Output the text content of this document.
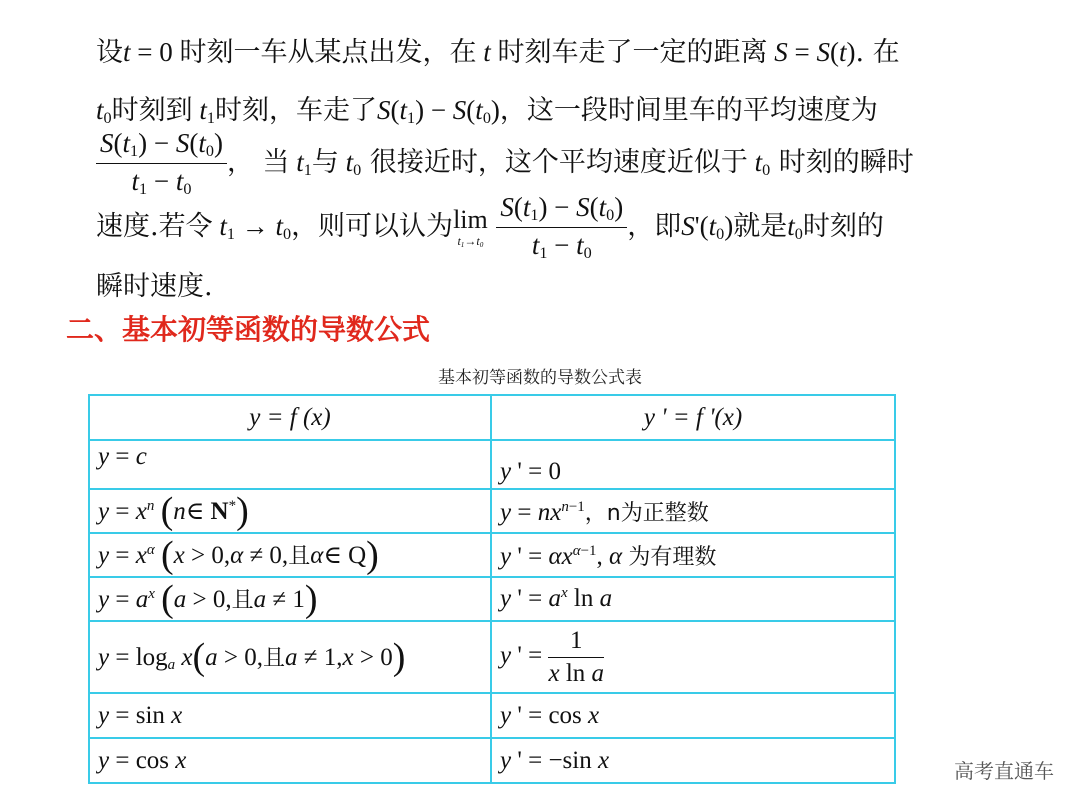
设t = 0 时刻一车从某点出发，在 t 时刻车走了一定的距离 S = S(t). 在
$t_0$时刻到 $t_1$时刻，车走了$S(t_1) - S(t_0)$，这一段时间里车的平均速度为
$\frac{S(t_1) - S(t_0)}{t_1 - t_0}$ ， 当 $t_1$与 $t_0$ 很接近时，这个平均速度近似于 $t_0$ 时刻的瞬时
速度.若令 $t_1 \to t_0$，则可以认为 lim
$t_1\to t_0$
$\frac{S(t_1) - S(t_0)}{t_1 - t_0}$ ，即$S'(t_0)$就是$t_0$时刻的
瞬时速度.
二、基本初等函数的导数公式
基本初等函数的导数公式表
y = f (x)	y ' = f '(x)
y = c	y ' = 0
$y = x^n$ (n∈ N*)	$y = nx^{n-1}$，n为正整数
$y = x^\alpha$ (x > 0,α ≠ 0,且α∈ Q)	y ' = $\alpha x^{\alpha-1}$, α 为有理数
$y = a^x$ (a > 0,且a ≠ 1)	y ' = $a^x$ ln a
$y = \log_a x(a > 0$,且a ≠ 1,x > 0)	y ' = $\frac{1}{\text{x ln a}}$

y = sin x	y ' = cos x
y = cos x	y ' = −sin x	高考直通车
